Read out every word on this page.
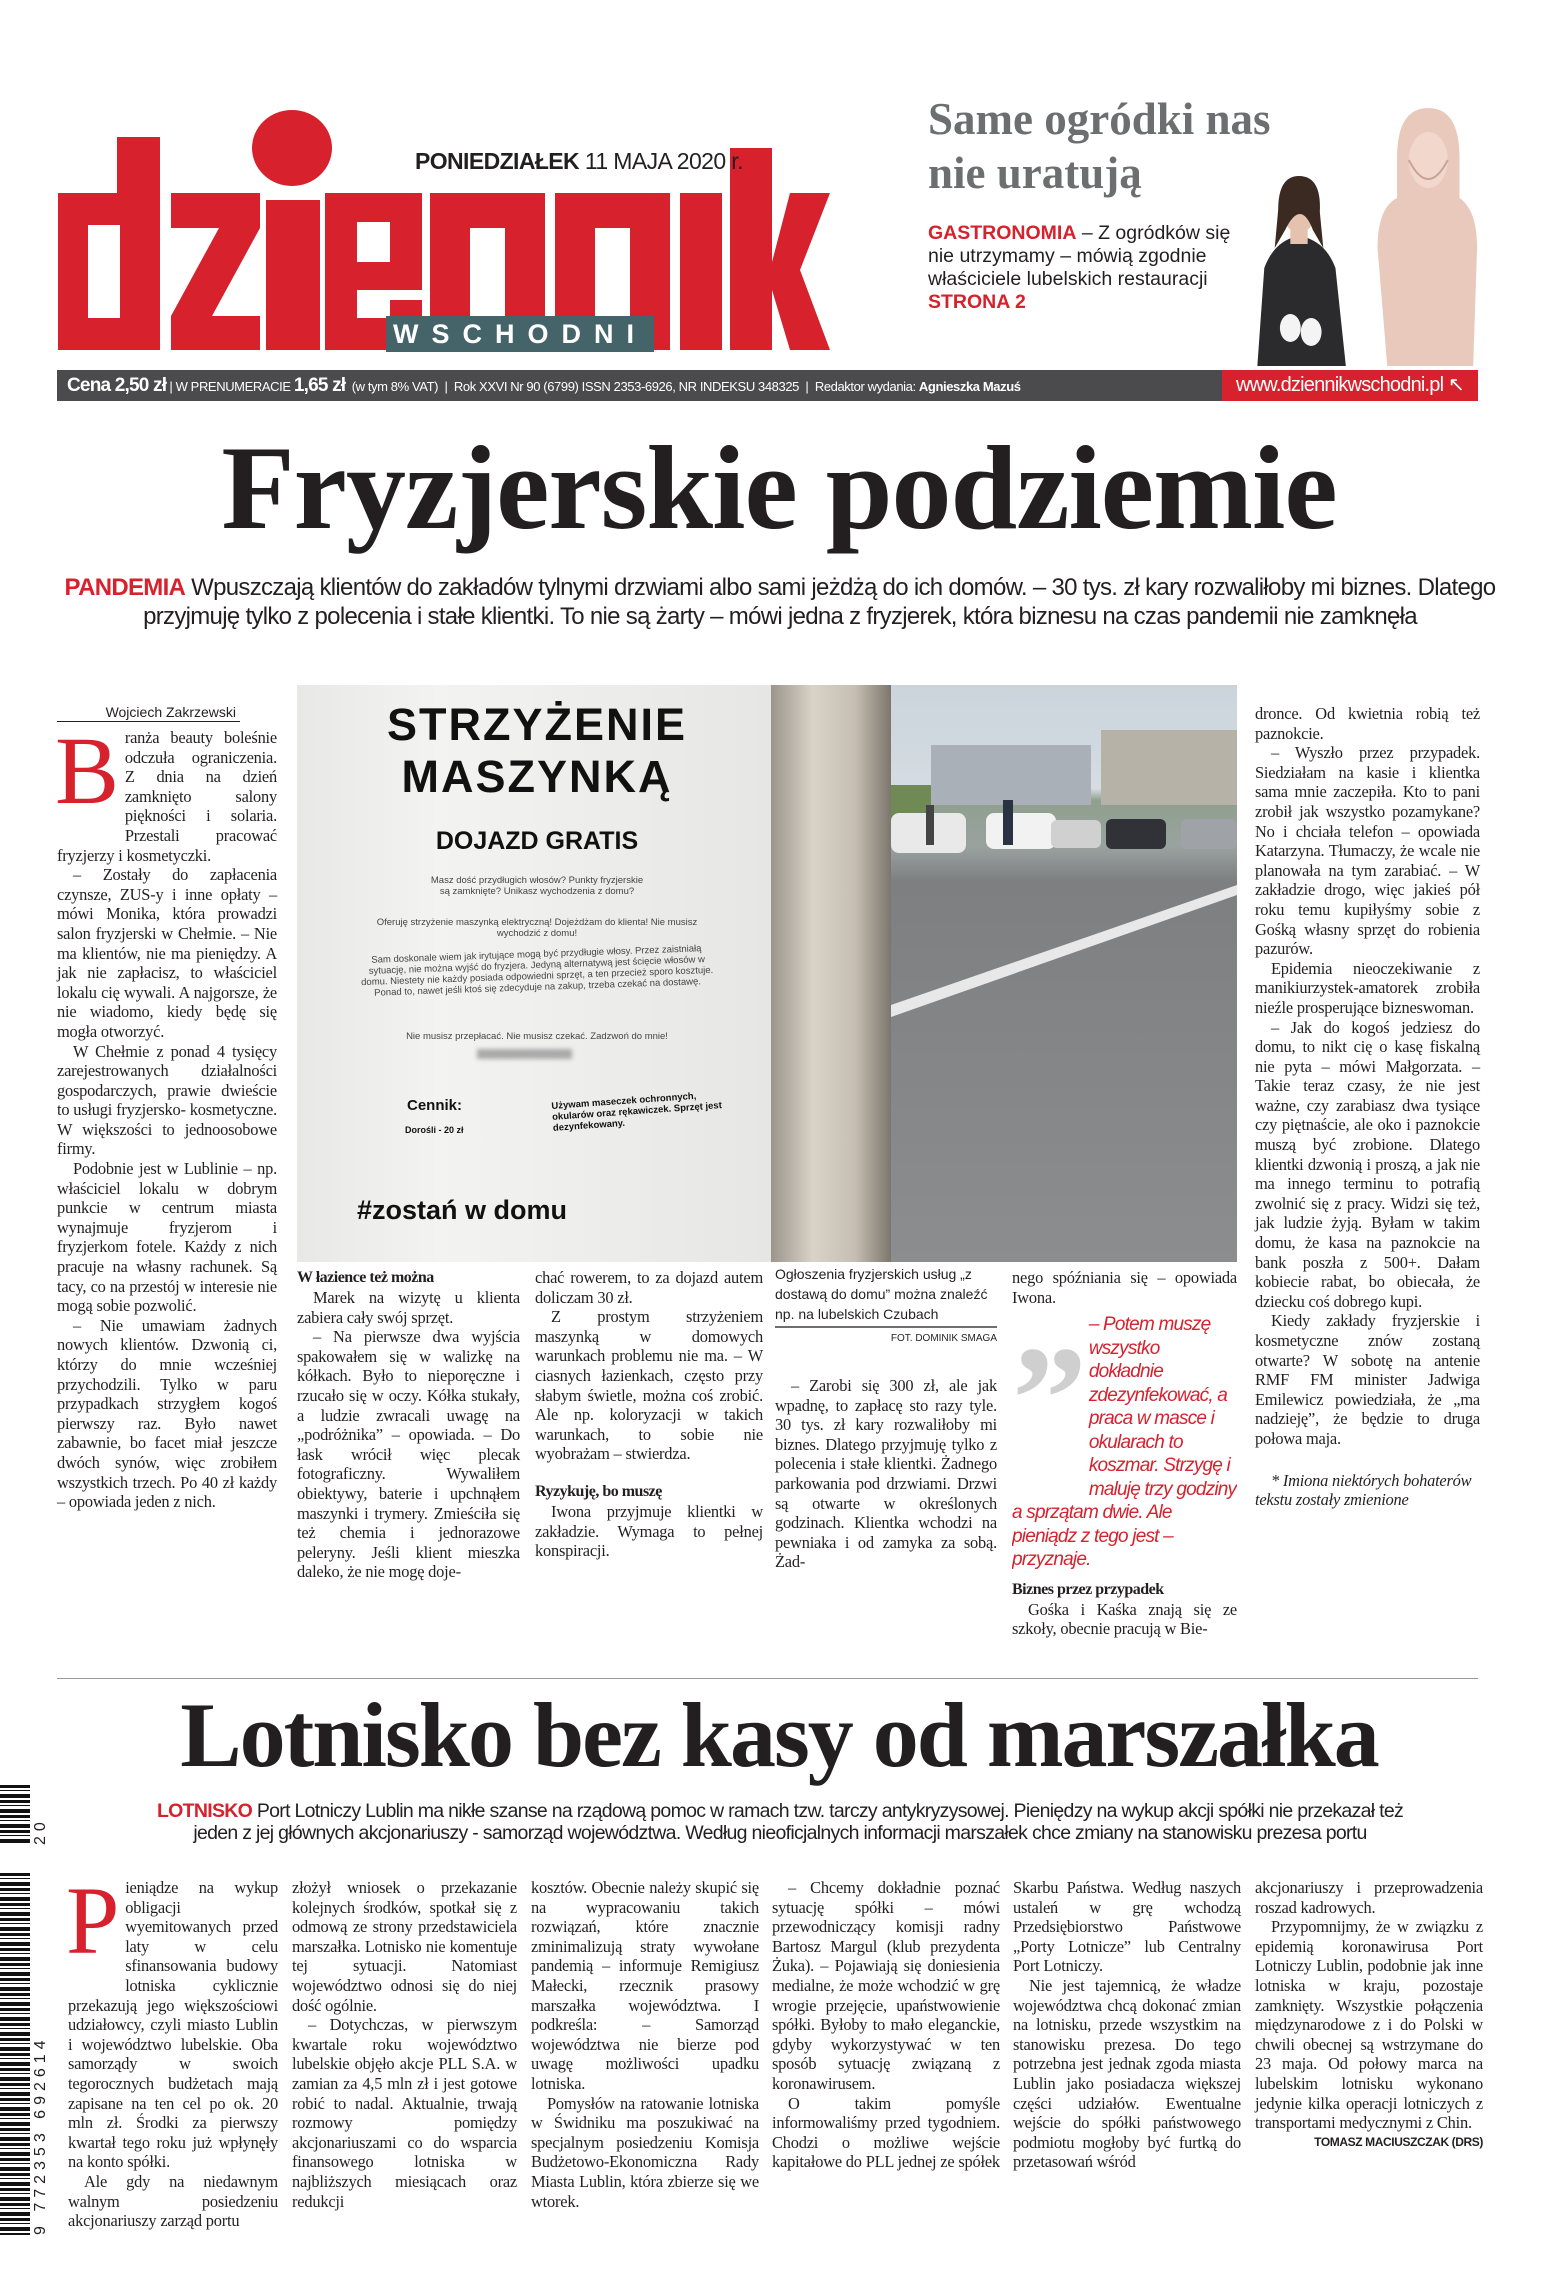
PONIEDZIAŁEK 11 MAJA 2020 r.
WSCHODNI
Same ogródki nas
nie uratują
GASTRONOMIA – Z ogródków się nie utrzymamy – mówią zgodnie właściciele lubelskich restauracji
STRONA 2
Cena 2,50 zł | W PRENUMERACIE 1,65 zł (w tym 8% VAT)  |  Rok XXVI Nr 90 (6799) ISSN 2353-6926, NR INDEKSU 348325  |  Redaktor wydania: Agnieszka Mazuś	www.dziennikwschodni.pl ↖
Fryzjerskie podziemie
PANDEMIA Wpuszczają klientów do zakładów tylnymi drzwiami albo sami jeżdżą do ich domów. – 30 tys. zł kary rozwaliłoby mi biznes. Dlatego przyjmuję tylko z polecenia i stałe klientki. To nie są żarty – mówi jedna z fryzjerek, która biznesu na czas pandemii nie zamknęła
Wojciech Zakrzewski

Branża beauty boleśnie odczuła ograniczenia. Z dnia na dzień zamknięto salony piękności i solaria. Przestali pracować fryzjerzy i kosmetyczki.

– Zostały do zapłacenia czynsze, ZUS-y i inne opłaty – mówi Monika, która prowadzi salon fryzjerski w Chełmie. – Nie ma klientów, nie ma pieniędzy. A jak nie zapłacisz, to właściciel lokalu cię wywali. A najgorsze, że nie wiadomo, kiedy będę się mogła otworzyć.

W Chełmie z ponad 4 tysięcy zarejestrowanych działalności gospodarczych, prawie dwieście to usługi fryzjersko- kosmetyczne. W większości to jednoosobowe firmy.

Podobnie jest w Lublinie – np. właściciel lokalu w dobrym punkcie w centrum miasta wynajmuje fryzjerom i fryzjerkom fotele. Każdy z nich pracuje na własny rachunek. Są tacy, co na przestój w interesie nie mogą sobie pozwolić.

– Nie umawiam żadnych nowych klientów. Dzwonią ci, którzy do mnie wcześniej przychodzili. Tylko w paru przypadkach strzygłem kogoś pierwszy raz. Było nawet zabawnie, bo facet miał jeszcze dwóch synów, więc zrobiłem wszystkich trzech. Po 40 zł każdy – opowiada jeden z nich.

STRZYŻENIE
MASZYNKĄ
DOJAZD GRATIS
Masz dość przydługich włosów? Punkty fryzjerskie są zamknięte? Unikasz wychodzenia z domu?
Oferuję strzyżenie maszynką elektryczną! Dojeżdżam do klienta! Nie musisz wychodzić z domu!
Sam doskonale wiem jak irytujące mogą być przydługie włosy. Przez zaistniałą sytuację, nie można wyjść do fryzjera. Jedyną alternatywą jest ścięcie włosów w domu. Niestety nie każdy posiada odpowiedni sprzęt, a ten przecież sporo kosztuje. Ponad to, nawet jeśli ktoś się zdecyduje na zakup, trzeba czekać na dostawę.
Nie musisz przepłacać. Nie musisz czekać. Zadzwoń do mnie!
Cennik:
Dorośli - 20 zł
Używam maseczek ochronnych, okularów oraz rękawiczek. Sprzęt jest dezynfekowany.
#zostań w domu
W łazience też można

Marek na wizytę u klienta zabiera cały swój sprzęt.

– Na pierwsze dwa wyjścia spakowałem się w walizkę na kółkach. Było to nieporęczne i rzucało się w oczy. Kółka stukały, a ludzie zwracali uwagę na „podróżnika” – opowiada. – Do łask wrócił więc plecak fotograficzny. Wywaliłem obiektywy, baterie i upchnąłem maszynki i trymery. Zmieściła się też chemia i jednorazowe peleryny. Jeśli klient mieszka daleko, że nie mogę doje-

chać rowerem, to za dojazd autem doliczam 30 zł.

Z prostym strzyżeniem maszynką w domowych warunkach problemu nie ma. – W ciasnych łazienkach, często przy słabym świetle, można coś zrobić. Ale np. koloryzacji w takich warunkach, to sobie nie wyobrażam – stwierdza.

Ryzykuję, bo muszę

Iwona przyjmuje klientki w zakładzie. Wymaga to pełnej konspiracji.

Ogłoszenia fryzjerskich usług „z dostawą do domu” można znaleźć np. na lubelskich Czubach
FOT. DOMINIK SMAGA

– Zarobi się 300 zł, ale jak wpadnę, to zapłacę sto razy tyle. 30 tys. zł kary rozwaliłoby mi biznes. Dlatego przyjmuję tylko z polecenia i stałe klientki. Żadnego parkowania pod drzwiami. Drzwi są otwarte w określonych godzinach. Klientka wchodzi na pewniaka i od zamyka za sobą. Żad-

nego spóźniania się – opowiada Iwona.

” – Potem muszę wszystko dokładnie zdezynfekować, a praca w masce i okularach to koszmar. Strzygę i maluję trzy godziny a sprzątam dwie. Ale pieniądz z tego jest – przyznaje.
Biznes przez przypadek

Gośka i Kaśka znają się ze szkoły, obecnie pracują w Bie-

dronce. Od kwietnia robią też paznokcie.

– Wyszło przez przypadek. Siedziałam na kasie i klientka sama mnie zaczepiła. Kto to pani zrobił jak wszystko pozamykane? No i chciała telefon – opowiada Katarzyna. Tłumaczy, że wcale nie planowała na tym zarabiać. – W zakładzie drogo, więc jakieś pół roku temu kupiłyśmy sobie z Gośką własny sprzęt do robienia pazurów.

Epidemia nieoczekiwanie z manikiurzystek-amatorek zrobiła nieźle prosperujące bizneswoman.

– Jak do kogoś jedziesz do domu, to nikt cię o kasę fiskalną nie pyta – mówi Małgorzata. – Takie teraz czasy, że nie jest ważne, czy zarabiasz dwa tysiące czy piętnaście, ale oko i paznokcie muszą być zrobione. Dlatego klientki dzwonią i proszą, a jak nie ma innego terminu to potrafią zwolnić się z pracy. Widzi się też, jak ludzie żyją. Byłam w takim domu, że kasa na paznokcie na bank poszła z 500+. Dałam kobiecie rabat, bo obiecała, że dziecku coś dobrego kupi.

Kiedy zakłady fryzjerskie i kosmetyczne znów zostaną otwarte? W sobotę na antenie RMF FM minister Jadwiga Emilewicz powiedziała, że „ma nadzieję”, że będzie to druga połowa maja.

* Imiona niektórych bohaterów tekstu zostały zmienione

Lotnisko bez kasy od marszałka
LOTNISKO Port Lotniczy Lublin ma nikłe szanse na rządową pomoc w ramach tzw. tarczy antykryzysowej. Pieniędzy na wykup akcji spółki nie przekazał też jeden z jej głównych akcjonariuszy - samorząd województwa. Według nieoficjalnych informacji marszałek chce zmiany na stanowisku prezesa portu

Pieniądze na wykup obligacji wyemitowanych przed laty w celu sfinansowania budowy lotniska cyklicznie przekazują jego większościowi udziałowcy, czyli miasto Lublin i województwo lubelskie. Oba samorządy w swoich tegorocznych budżetach mają zapisane na ten cel po ok. 20 mln zł. Środki za pierwszy kwartał tego roku już wpłynęły na konto spółki.

Ale gdy na niedawnym walnym posiedzeniu akcjonariuszy zarząd portu

złożył wniosek o przekazanie kolejnych środków, spotkał się z odmową ze strony przedstawiciela marszałka. Lotnisko nie komentuje tej sytuacji. Natomiast województwo odnosi się do niej dość ogólnie.

– Dotychczas, w pierwszym kwartale roku województwo lubelskie objęło akcje PLL S.A. w zamian za 4,5 mln zł i jest gotowe robić to nadal. Aktualnie, trwają rozmowy pomiędzy akcjonariuszami co do wsparcia finansowego lotniska w najbliższych miesiącach oraz redukcji

kosztów. Obecnie należy skupić się na wypracowaniu takich rozwiązań, które znacznie zminimalizują straty wywołane pandemią – informuje Remigiusz Małecki, rzecznik prasowy marszałka województwa. I podkreśla: – Samorząd województwa nie bierze pod uwagę możliwości upadku lotniska.

Pomysłów na ratowanie lotniska w Świdniku ma poszukiwać na specjalnym posiedzeniu Komisja Budżetowo-Ekonomiczna Rady Miasta Lublin, która zbierze się we wtorek.

– Chcemy dokładnie poznać sytuację spółki – mówi przewodniczący komisji radny Bartosz Margul (klub prezydenta Żuka). – Pojawiają się doniesienia medialne, że może wchodzić w grę wrogie przejęcie, upaństwowienie spółki. Byłoby to mało eleganckie, gdyby wykorzystywać w ten sposób sytuację związaną z koronawirusem.

O takim pomyśle informowaliśmy przed tygodniem. Chodzi o możliwe wejście kapitałowe do PLL jednej ze spółek

Skarbu Państwa. Według naszych ustaleń w grę wchodzą Przedsiębiorstwo Państwowe „Porty Lotnicze” lub Centralny Port Lotniczy.

Nie jest tajemnicą, że władze województwa chcą dokonać zmian na lotnisku, przede wszystkim na stanowisku prezesa. Do tego potrzebna jest jednak zgoda miasta Lublin jako posiadacza większej części udziałów. Ewentualne wejście do spółki państwowego podmiotu mogłoby być furtką do przetasowań wśród

akcjonariuszy i przeprowadzenia roszad kadrowych.

Przypomnijmy, że w związku z epidemią koronawirusa Port Lotniczy Lublin, podobnie jak inne lotniska w kraju, pozostaje zamknięty. Wszystkie połączenia międzynarodowe z i do Polski w chwili obecnej są wstrzymane do 23 maja. Od połowy marca na lubelskim lotnisku wykonano jedynie kilka operacji lotniczych z transportami medycznymi z Chin.

TOMASZ MACIUSZCZAK (DRS)

20
9 772353 692614
